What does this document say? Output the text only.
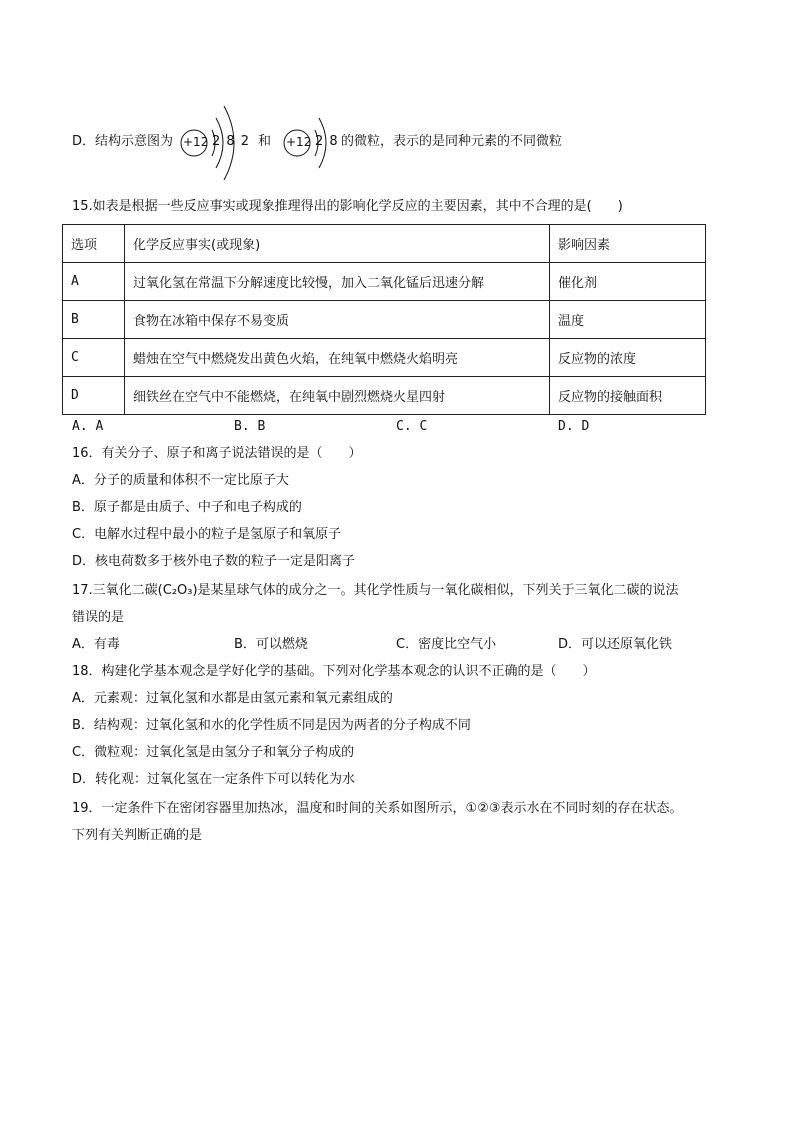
D．结构示意图为 +12 2 8 2 和 +12 2 8 的微粒，表示的是同种元素的不同微粒
15.如表是根据一些反应事实或现象推理得出的影响化学反应的主要因素，其中不合理的是(　　)
选项	化学反应事实(或现象)	影响因素
A	过氧化氢在常温下分解速度比较慢，加入二氧化锰后迅速分解	催化剂
B	食物在冰箱中保存不易变质	温度
C	蜡烛在空气中燃烧发出黄色火焰，在纯氧中燃烧火焰明亮	反应物的浓度
D	细铁丝在空气中不能燃烧，在纯氧中剧烈燃烧火星四射	反应物的接触面积
A. A	B. B	C. C	D. D
16．有关分子、原子和离子说法错误的是（　　）
A．分子的质量和体积不一定比原子大
B．原子都是由质子、中子和电子构成的
C．电解水过程中最小的粒子是氢原子和氧原子
D．核电荷数多于核外电子数的粒子一定是阳离子
17.三氧化二碳(C₂O₃)是某星球气体的成分之一。其化学性质与一氧化碳相似，下列关于三氧化二碳的说法
错误的是
A．有毒	B．可以燃烧	C．密度比空气小	D．可以还原氧化铁
18．构建化学基本观念是学好化学的基础。下列对化学基本观念的认识不正确的是（　　）
A．元素观：过氧化氢和水都是由氢元素和氧元素组成的
B．结构观：过氧化氢和水的化学性质不同是因为两者的分子构成不同
C．微粒观：过氧化氢是由氢分子和氧分子构成的
D．转化观：过氧化氢在一定条件下可以转化为水
19．一定条件下在密闭容器里加热冰，温度和时间的关系如图所示，①②③表示水在不同时刻的存在状态。
下列有关判断正确的是
